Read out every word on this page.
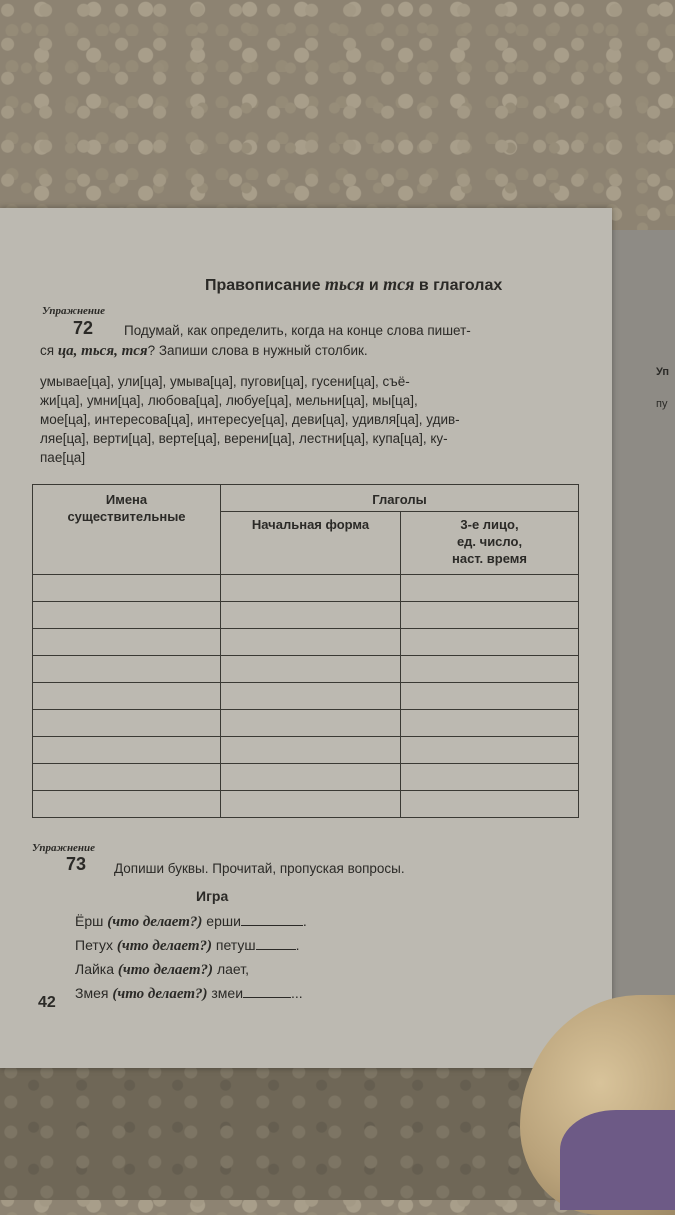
Уп
пу
Правописание ться и тся в глаголах
Упражнение
72 Подумай, как определить, когда на конце слова пишет-
ся ца, ться, тся? Запиши слова в нужный столбик.
умывае[ца], ули[ца], умыва[ца], пугови[ца], гусени[ца], съё-
жи[ца], умни[ца], любова[ца], любуе[ца], мельни[ца], мы[ца],
мое[ца], интересова[ца], интересуе[ца], деви[ца], удивля[ца], удив-
ляе[ца], верти[ца], верте[ца], верени[ца], лестни[ца], купа[ца], ку-
пае[ца]
Имена
существительные	Глаголы	
	Начальная форма	3-е лицо,
ед. число,
наст. время

Упражнение
73 Допиши буквы. Прочитай, пропуская вопросы.
Игра
Ёрш (что делает?) ерши	.
Петух (что делает?) петуш	.
Лайка (что делает?) лает,
Змея (что делает?) змеи	...
42
